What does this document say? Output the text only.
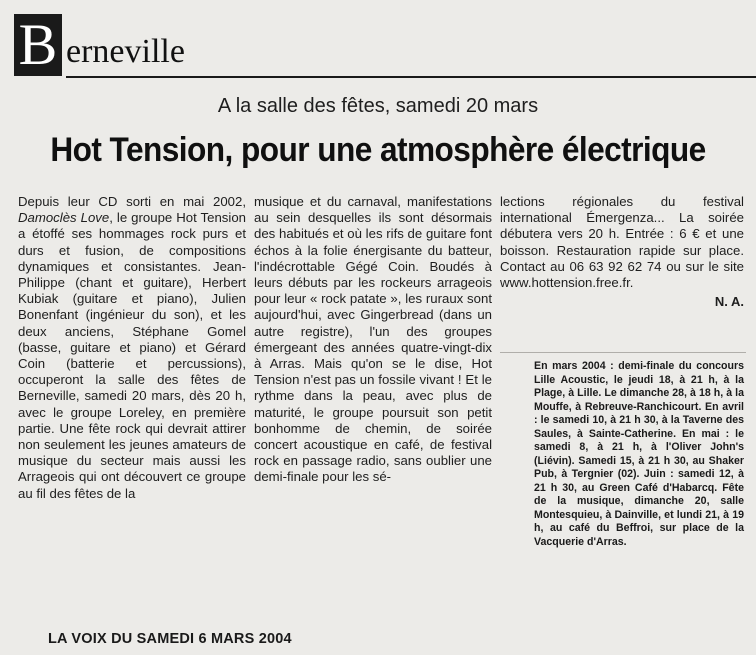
B erneville
A la salle des fêtes, samedi 20 mars
Hot Tension, pour une atmosphère électrique
Depuis leur CD sorti en mai 2002, Damoclès Love, le groupe Hot Tension a étoffé ses hommages rock purs et durs et fusion, de compositions dynamiques et consistantes. Jean-Philippe (chant et guitare), Herbert Kubiak (guitare et piano), Julien Bonenfant (ingénieur du son), et les deux anciens, Stéphane Gomel (basse, guitare et piano) et Gérard Coin (batterie et percussions), occuperont la salle des fêtes de Berneville, samedi 20 mars, dès 20 h, avec le groupe Loreley, en première partie. Une fête rock qui devrait attirer non seulement les jeunes amateurs de musique du secteur mais aussi les Arrageois qui ont découvert ce groupe au fil des fêtes de la
musique et du carnaval, manifestations au sein desquelles ils sont désormais des habitués et où les rifs de guitare font échos à la folie énergisante du batteur, l'indécrottable Gégé Coin. Boudés à leurs débuts par les rockeurs arrageois pour leur « rock patate », les ruraux sont aujourd'hui, avec Gingerbread (dans un autre registre), l'un des groupes émergeant des années quatre-vingt-dix à Arras. Mais qu'on se le dise, Hot Tension n'est pas un fossile vivant ! Et le rythme dans la peau, avec plus de maturité, le groupe poursuit son petit bonhomme de chemin, de soirée concert acoustique en café, de festival rock en passage radio, sans oublier une demi-finale pour les sé-
lections régionales du festival international Émergenza... La soirée débutera vers 20 h. Entrée : 6 € et une boisson. Restauration rapide sur place. Contact au 06 63 92 62 74 ou sur le site www.hottension.free.fr.
N. A.
En mars 2004 : demi-finale du concours Lille Acoustic, le jeudi 18, à 21 h, à la Plage, à Lille. Le dimanche 28, à 18 h, à la Mouffe, à Rebreuve-Ranchicourt. En avril : le samedi 10, à 21 h 30, à la Taverne des Saules, à Sainte-Catherine. En mai : le samedi 8, à 21 h, à l'Oliver John's (Liévin). Samedi 15, à 21 h 30, au Shaker Pub, à Tergnier (02). Juin : samedi 12, à 21 h 30, au Green Café d'Habarcq. Fête de la musique, dimanche 20, salle Montesquieu, à Dainville, et lundi 21, à 19 h, au café du Beffroi, sur place de la Vacquerie d'Arras.
LA VOIX DU SAMEDI 6 MARS 2004
